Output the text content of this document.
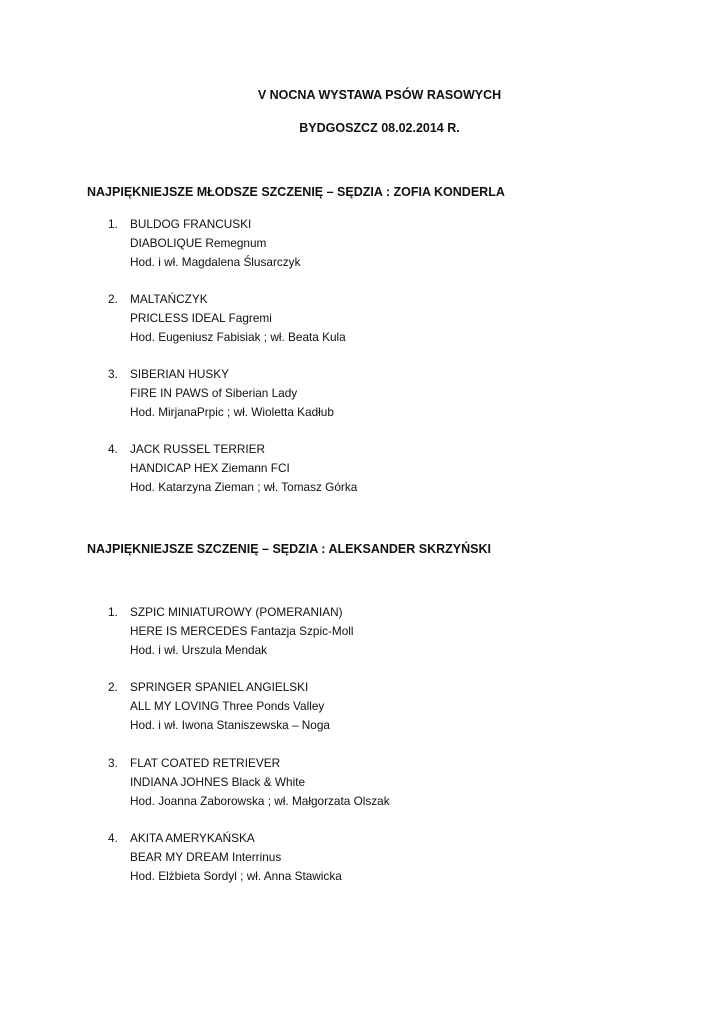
V NOCNA WYSTAWA PSÓW RASOWYCH
BYDGOSZCZ 08.02.2014 R.
NAJPIĘKNIEJSZE MŁODSZE SZCZENIĘ – SĘDZIA : ZOFIA KONDERLA
1.	BULDOG FRANCUSKI
DIABOLIQUE Remegnum
Hod. i wł. Magdalena Ślusarczyk
2.	MALTAŃCZYK
PRICLESS IDEAL Fagremi
Hod. Eugeniusz Fabisiak ; wł. Beata Kula
3.	SIBERIAN HUSKY
FIRE IN PAWS of Siberian Lady
Hod. MirjanaPrpic ; wł. Wioletta Kadłub
4.	JACK RUSSEL TERRIER
HANDICAP HEX Ziemann FCI
Hod. Katarzyna Zieman ; wł. Tomasz Górka
NAJPIĘKNIEJSZE SZCZENIĘ – SĘDZIA : ALEKSANDER SKRZYŃSKI
1.	SZPIC MINIATUROWY (POMERANIAN)
HERE IS MERCEDES Fantazja Szpic-Moll
Hod. i wł. Urszula Mendak
2.	SPRINGER SPANIEL ANGIELSKI
ALL MY LOVING Three Ponds Valley
Hod. i wł. Iwona Staniszewska – Noga
3.	FLAT COATED RETRIEVER
INDIANA JOHNES Black & White
Hod. Joanna Zaborowska ; wł. Małgorzata Olszak
4.	AKITA AMERYKAŃSKA
BEAR MY DREAM Interrinus
Hod. Elżbieta Sordyl ; wł. Anna Stawicka
